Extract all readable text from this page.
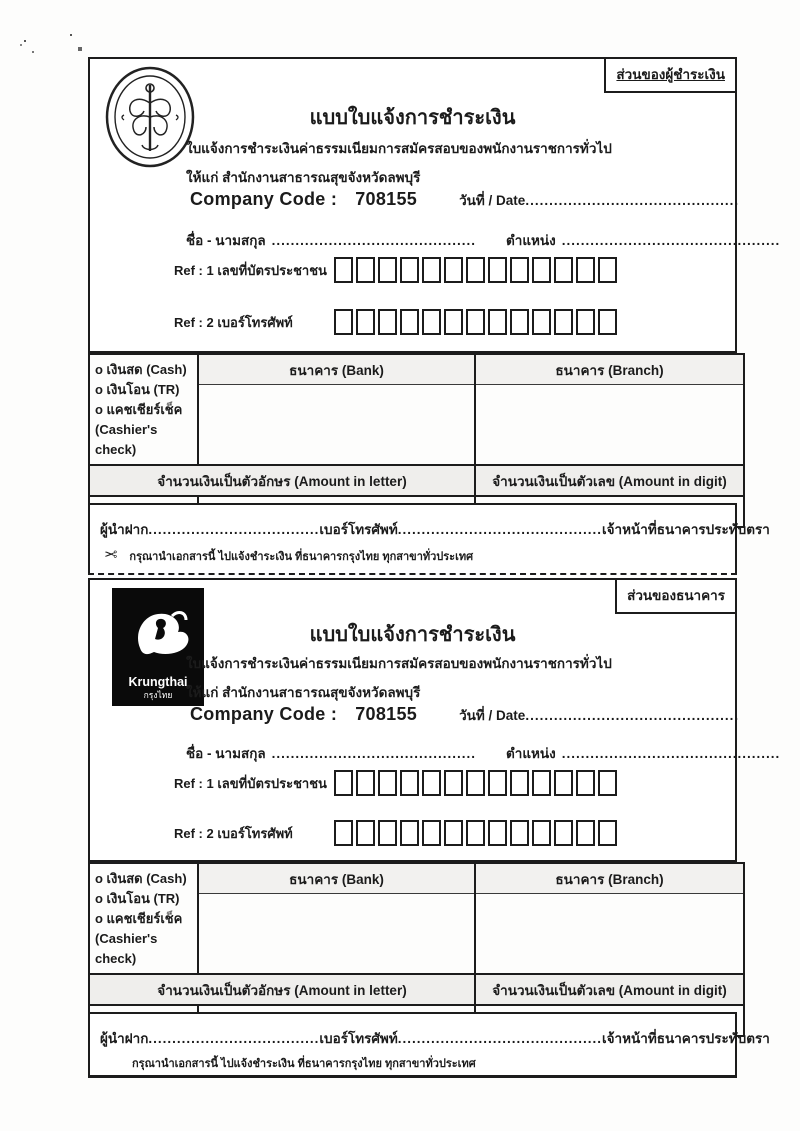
ส่วนของผู้ชำระเงิน
แบบใบแจ้งการชำระเงิน
ใบแจ้งการชำระเงินค่าธรรมเนียมการสมัครสอบของพนักงานราชการทั่วไป
ให้แก่ สำนักงานสาธารณสุขจังหวัดลพบุรี
Company Code : 708155	วันที่ / Date.............................................
ชื่อ - นามสกุล ........................................... ตำแหน่ง ..............................................
Ref : 1 เลขที่บัตรประชาชน
Ref : 2 เบอร์โทรศัพท์
o เงินสด (Cash)
o เงินโอน (TR)
o แคชเชียร์เช็ค
(Cashier's check)	ธนาคาร (Bank)	ธนาคาร (Branch)

จำนวนเงินเป็นตัวอักษร (Amount in letter)		จำนวนเงินเป็นตัวเลข (Amount in digit)

ผู้นำฝาก .................................... เบอร์โทรศัพท์ ........................................... เจ้าหน้าที่ธนาคารประทับตรา
✂ กรุณานำเอกสารนี้ ไปแจ้งชำระเงิน ที่ธนาคารกรุงไทย ทุกสาขาทั่วประเทศ
ส่วนของธนาคาร
Krungthai
กรุงไทย
แบบใบแจ้งการชำระเงิน
ใบแจ้งการชำระเงินค่าธรรมเนียมการสมัครสอบของพนักงานราชการทั่วไป
ให้แก่ สำนักงานสาธารณสุขจังหวัดลพบุรี
Company Code : 708155	วันที่ / Date.............................................
ชื่อ - นามสกุล ........................................... ตำแหน่ง ..............................................
Ref : 1 เลขที่บัตรประชาชน
Ref : 2 เบอร์โทรศัพท์
o เงินสด (Cash)
o เงินโอน (TR)
o แคชเชียร์เช็ค
(Cashier's check)	ธนาคาร (Bank)	ธนาคาร (Branch)

จำนวนเงินเป็นตัวอักษร (Amount in letter)		จำนวนเงินเป็นตัวเลข (Amount in digit)

ผู้นำฝาก .................................... เบอร์โทรศัพท์ ........................................... เจ้าหน้าที่ธนาคารประทับตรา
กรุณานำเอกสารนี้ ไปแจ้งชำระเงิน ที่ธนาคารกรุงไทย ทุกสาขาทั่วประเทศ
